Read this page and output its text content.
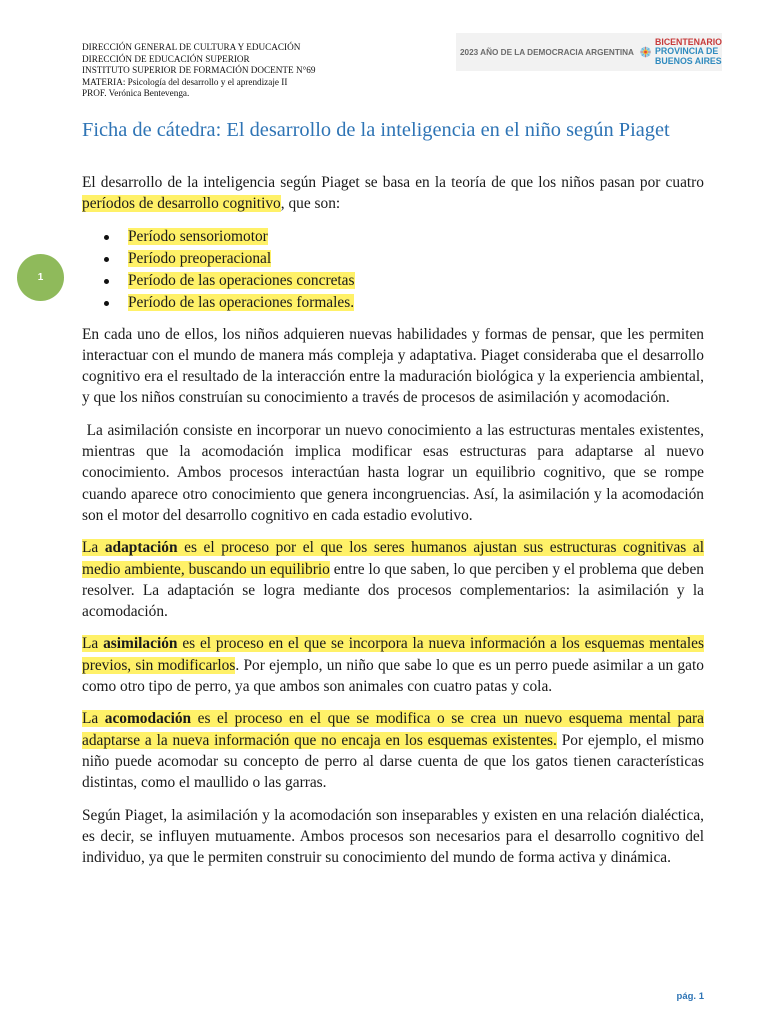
DIRECCIÓN GENERAL DE CULTURA Y EDUCACIÓN
DIRECCIÓN DE EDUCACIÓN SUPERIOR
INSTITUTO SUPERIOR DE FORMACIÓN DOCENTE N°69
MATERIA: Psicología del desarrollo y el aprendizaje II
PROF. Verónica Bentevenga.
2023 AÑO DE LA DEMOCRACIA ARGENTINA
BICENTENARIO
PROVINCIA DE
BUENOS AIRES
Ficha de cátedra: El desarrollo de la inteligencia en el niño según Piaget
1

El desarrollo de la inteligencia según Piaget se basa en la teoría de que los niños pasan por cuatro períodos de desarrollo cognitivo, que son:

Período sensoriomotor
Período preoperacional
Período de las operaciones concretas
Período de las operaciones formales.

En cada uno de ellos, los niños adquieren nuevas habilidades y formas de pensar, que les permiten interactuar con el mundo de manera más compleja y adaptativa. Piaget consideraba que el desarrollo cognitivo era el resultado de la interacción entre la maduración biológica y la experiencia ambiental, y que los niños construían su conocimiento a través de procesos de asimilación y acomodación.

La asimilación consiste en incorporar un nuevo conocimiento a las estructuras mentales existentes, mientras que la acomodación implica modificar esas estructuras para adaptarse al nuevo conocimiento. Ambos procesos interactúan hasta lograr un equilibrio cognitivo, que se rompe cuando aparece otro conocimiento que genera incongruencias. Así, la asimilación y la acomodación son el motor del desarrollo cognitivo en cada estadio evolutivo.

La adaptación es el proceso por el que los seres humanos ajustan sus estructuras cognitivas al medio ambiente, buscando un equilibrio entre lo que saben, lo que perciben y el problema que deben resolver. La adaptación se logra mediante dos procesos complementarios: la asimilación y la acomodación.

La asimilación es el proceso en el que se incorpora la nueva información a los esquemas mentales previos, sin modificarlos. Por ejemplo, un niño que sabe lo que es un perro puede asimilar a un gato como otro tipo de perro, ya que ambos son animales con cuatro patas y cola.

La acomodación es el proceso en el que se modifica o se crea un nuevo esquema mental para adaptarse a la nueva información que no encaja en los esquemas existentes. Por ejemplo, el mismo niño puede acomodar su concepto de perro al darse cuenta de que los gatos tienen características distintas, como el maullido o las garras.

Según Piaget, la asimilación y la acomodación son inseparables y existen en una relación dialéctica, es decir, se influyen mutuamente. Ambos procesos son necesarios para el desarrollo cognitivo del individuo, ya que le permiten construir su conocimiento del mundo de forma activa y dinámica.

pág. 1
